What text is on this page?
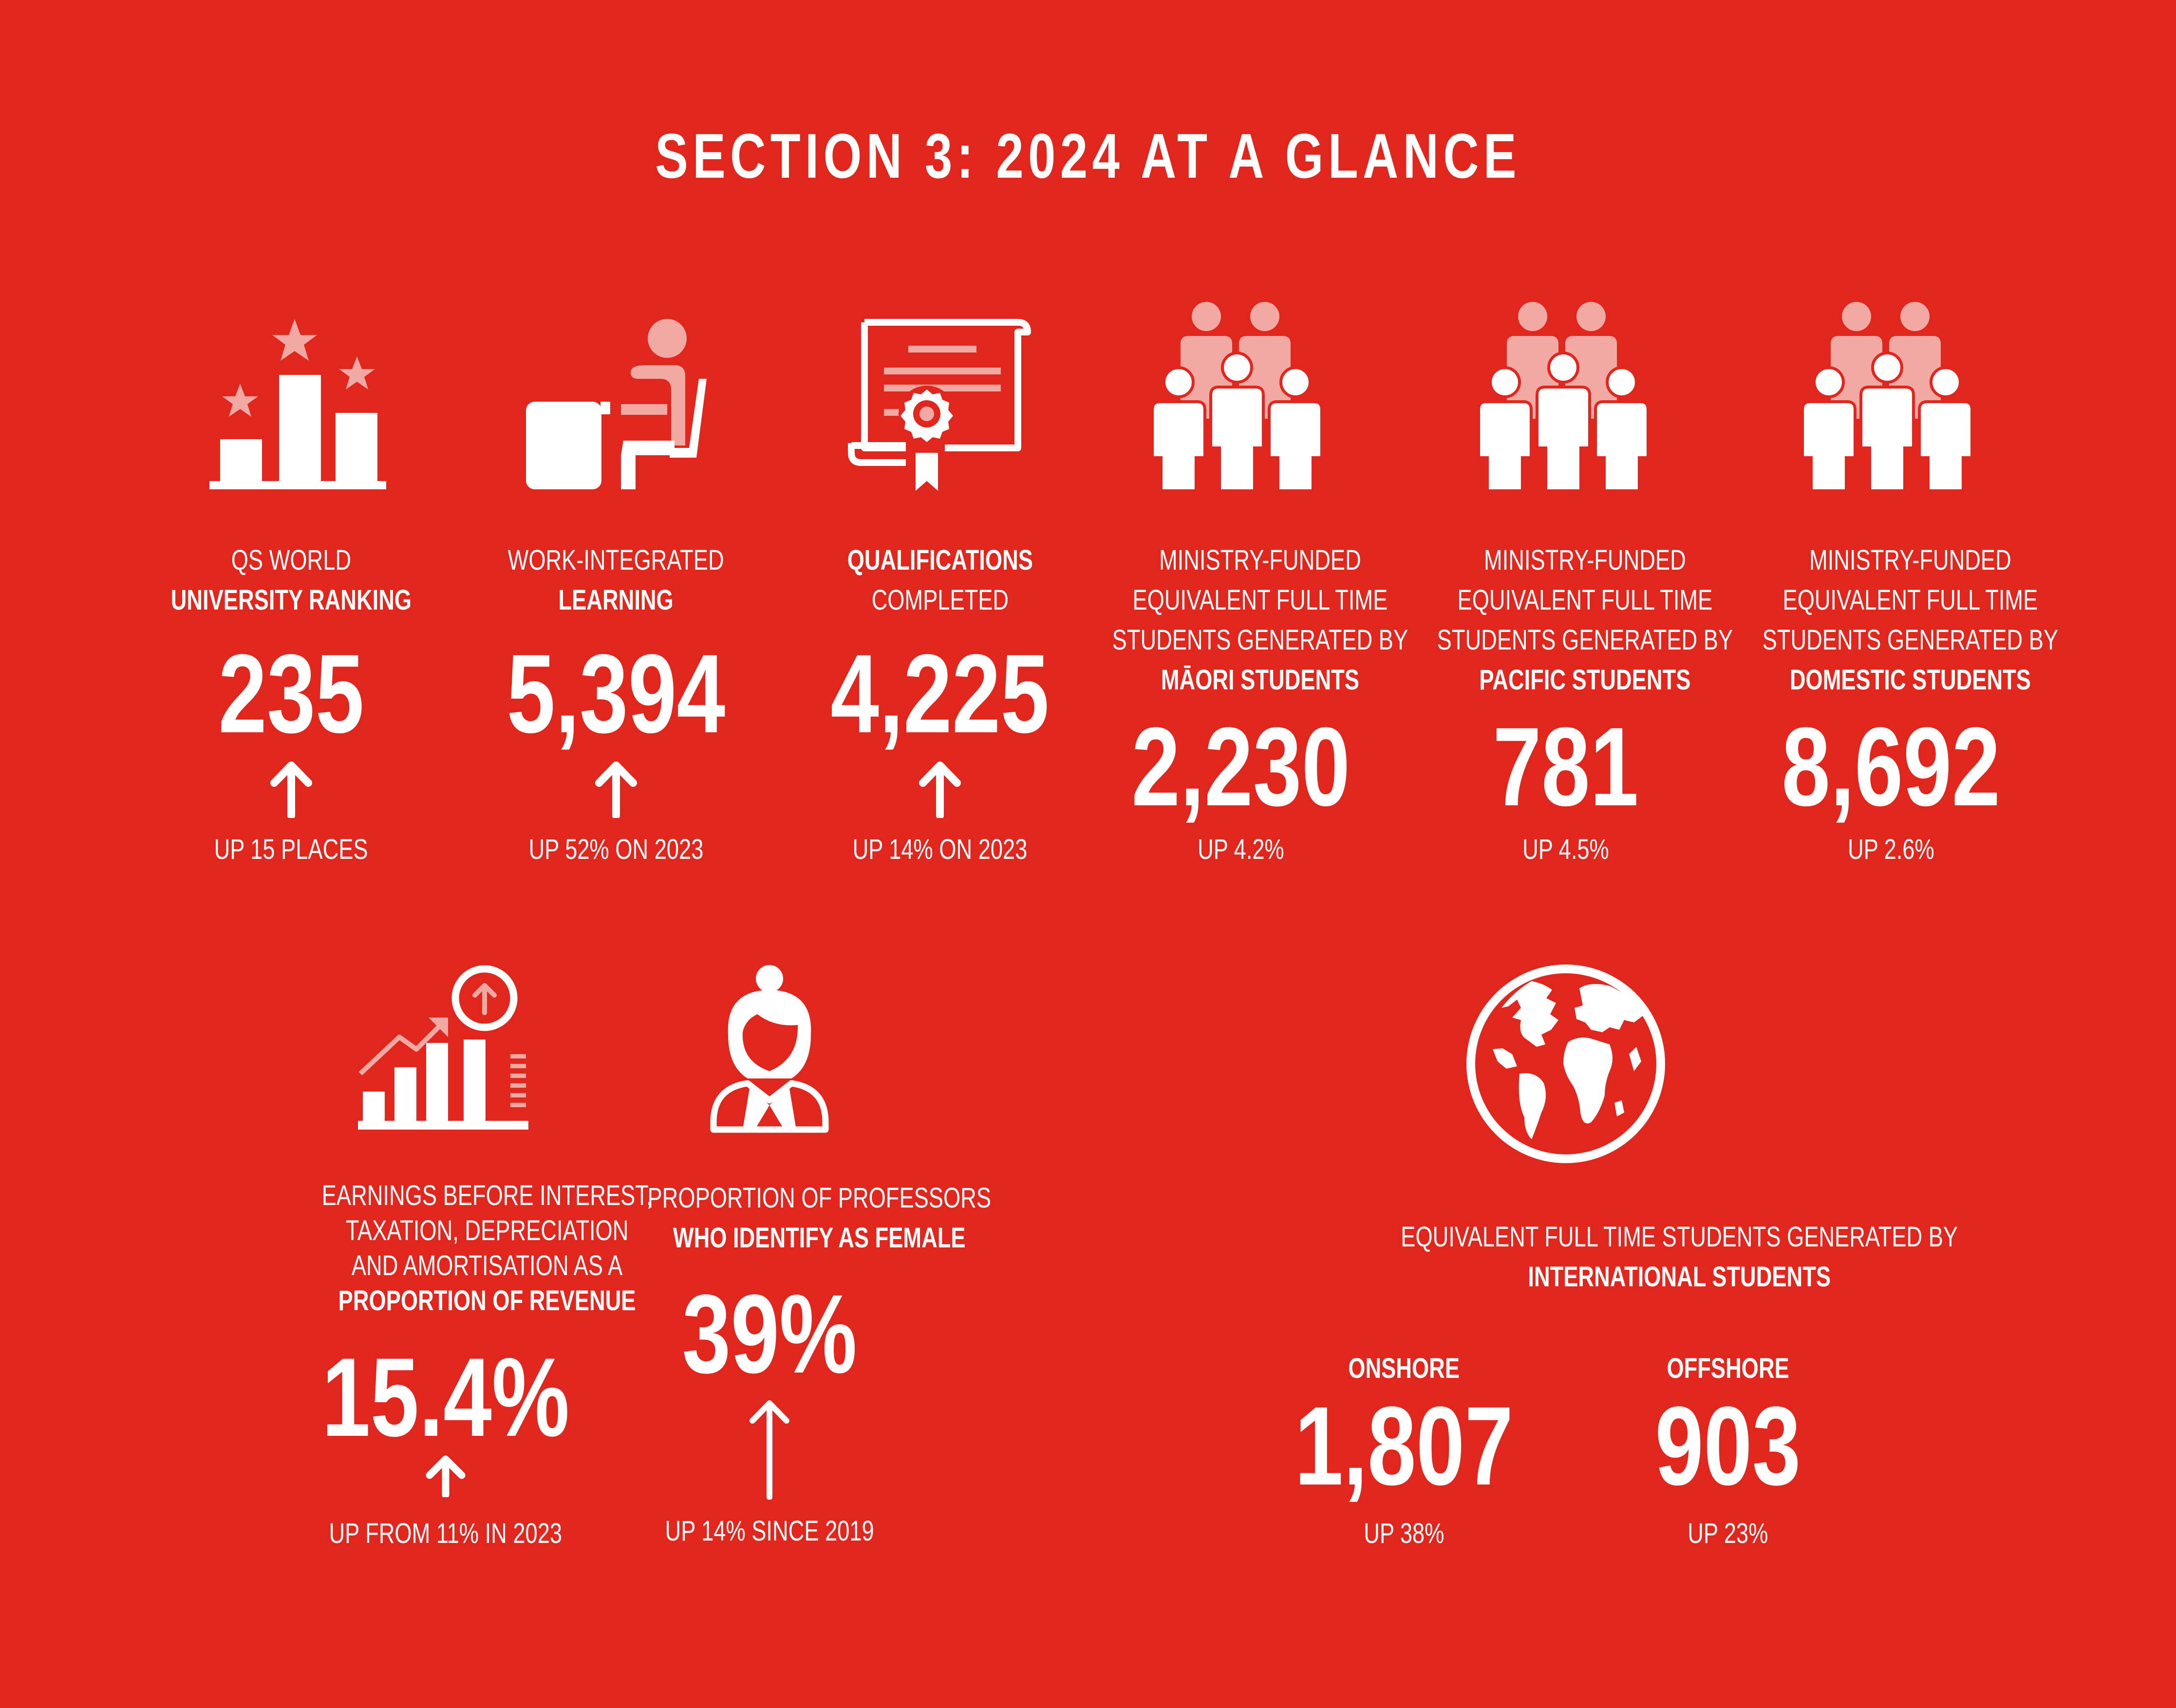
SECTION 3: 2024 AT A GLANCE
QS WORLD
UNIVERSITY RANKING
235
UP 15 PLACES
WORK-INTEGRATED
LEARNING
5,394
UP 52% ON 2023
QUALIFICATIONS
COMPLETED
4,225
UP 14% ON 2023
MINISTRY-FUNDED
EQUIVALENT FULL TIME
STUDENTS GENERATED BY
MĀORI STUDENTS
2,230
UP 4.2%
MINISTRY-FUNDED
EQUIVALENT FULL TIME
STUDENTS GENERATED BY
PACIFIC STUDENTS
781
UP 4.5%
MINISTRY-FUNDED
EQUIVALENT FULL TIME
STUDENTS GENERATED BY
DOMESTIC STUDENTS
8,692
UP 2.6%
EARNINGS BEFORE INTEREST,
TAXATION, DEPRECIATION
AND AMORTISATION AS A
PROPORTION OF REVENUE
15.4%
UP FROM 11% IN 2023
PROPORTION OF PROFESSORS
WHO IDENTIFY AS FEMALE
39%
UP 14% SINCE 2019
EQUIVALENT FULL TIME STUDENTS GENERATED BY
INTERNATIONAL STUDENTS
ONSHORE
1,807
UP 38%
OFFSHORE
903
UP 23%
